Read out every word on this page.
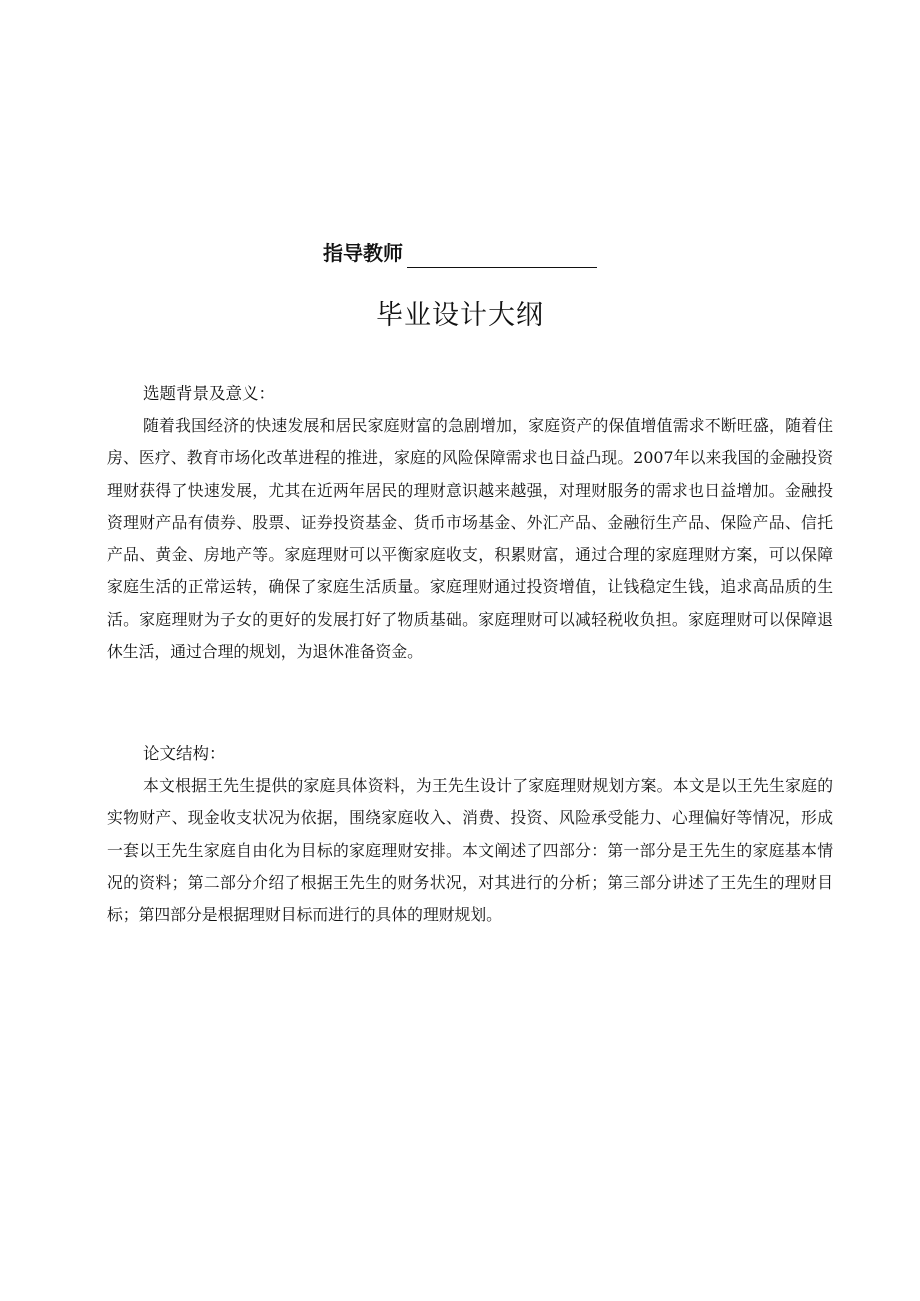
指导教师
毕业设计大纲

选题背景及意义：

随着我国经济的快速发展和居民家庭财富的急剧增加，家庭资产的保值增值需求不断旺盛，随着住房、医疗、教育市场化改革进程的推进，家庭的风险保障需求也日益凸现。2007年以来我国的金融投资理财获得了快速发展，尤其在近两年居民的理财意识越来越强，对理财服务的需求也日益增加。金融投资理财产品有债券、股票、证券投资基金、货币市场基金、外汇产品、金融衍生产品、保险产品、信托产品、黄金、房地产等。家庭理财可以平衡家庭收支，积累财富，通过合理的家庭理财方案，可以保障家庭生活的正常运转，确保了家庭生活质量。家庭理财通过投资增值，让钱稳定生钱，追求高品质的生活。家庭理财为子女的更好的发展打好了物质基础。家庭理财可以减轻税收负担。家庭理财可以保障退休生活，通过合理的规划，为退休准备资金。

论文结构：

本文根据王先生提供的家庭具体资料，为王先生设计了家庭理财规划方案。本文是以王先生家庭的实物财产、现金收支状况为依据，围绕家庭收入、消费、投资、风险承受能力、心理偏好等情况，形成一套以王先生家庭自由化为目标的家庭理财安排。本文阐述了四部分：第一部分是王先生的家庭基本情况的资料；第二部分介绍了根据王先生的财务状况，对其进行的分析；第三部分讲述了王先生的理财目标；第四部分是根据理财目标而进行的具体的理财规划。
